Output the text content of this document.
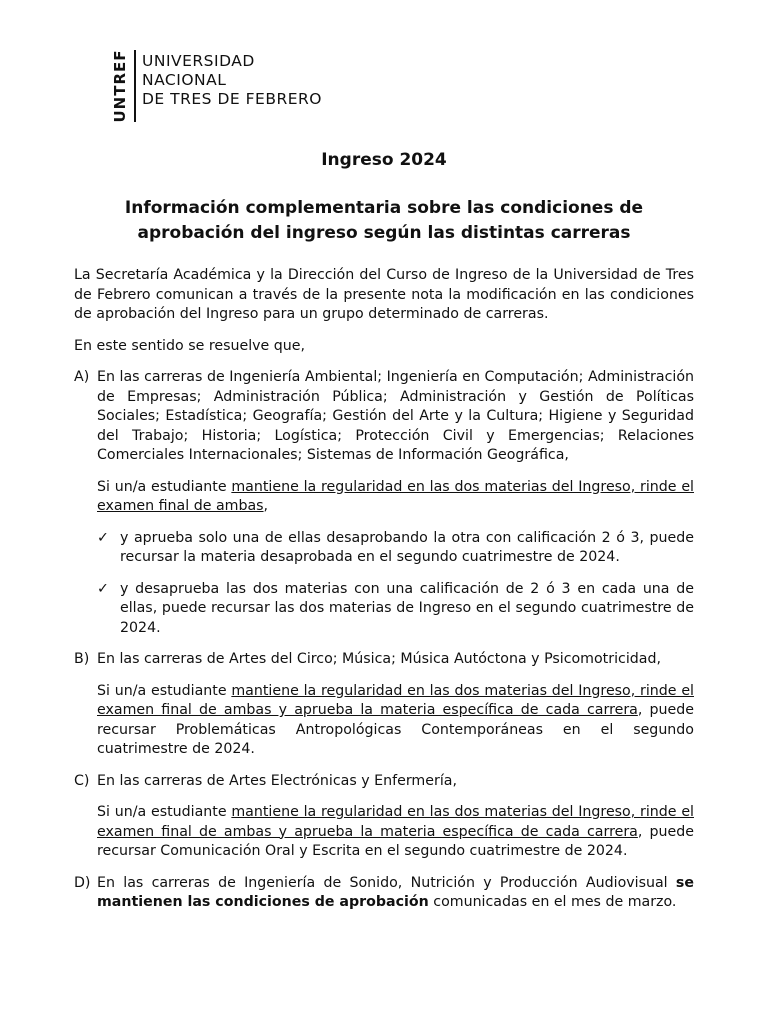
UNTREF UNIVERSIDAD
NACIONAL
DE TRES DE FEBRERO
Ingreso 2024
Información complementaria sobre las condiciones de aprobación del ingreso según las distintas carreras

La Secretaría Académica y la Dirección del Curso de Ingreso de la Universidad de Tres de Febrero comunican a través de la presente nota la modificación en las condiciones de aprobación del Ingreso para un grupo determinado de carreras.

En este sentido se resuelve que,

A) En las carreras de Ingeniería Ambiental; Ingeniería en Computación; Administración de Empresas; Administración Pública; Administración y Gestión de Políticas Sociales; Estadística; Geografía; Gestión del Arte y la Cultura; Higiene y Seguridad del Trabajo; Historia; Logística; Protección Civil y Emergencias; Relaciones Comerciales Internacionales; Sistemas de Información Geográfica,

Si un/a estudiante mantiene la regularidad en las dos materias del Ingreso, rinde el examen final de ambas,

✓ y aprueba solo una de ellas desaprobando la otra con calificación 2 ó 3, puede recursar la materia desaprobada en el segundo cuatrimestre de 2024.
✓ y desaprueba las dos materias con una calificación de 2 ó 3 en cada una de ellas, puede recursar las dos materias de Ingreso en el segundo cuatrimestre de 2024.
B) En las carreras de Artes del Circo; Música; Música Autóctona y Psicomotricidad,

Si un/a estudiante mantiene la regularidad en las dos materias del Ingreso, rinde el examen final de ambas y aprueba la materia específica de cada carrera, puede recursar Problemáticas Antropológicas Contemporáneas en el segundo cuatrimestre de 2024.

C) En las carreras de Artes Electrónicas y Enfermería,

Si un/a estudiante mantiene la regularidad en las dos materias del Ingreso, rinde el examen final de ambas y aprueba la materia específica de cada carrera, puede recursar Comunicación Oral y Escrita en el segundo cuatrimestre de 2024.

D) En las carreras de Ingeniería de Sonido, Nutrición y Producción Audiovisual se mantienen las condiciones de aprobación comunicadas en el mes de marzo.
